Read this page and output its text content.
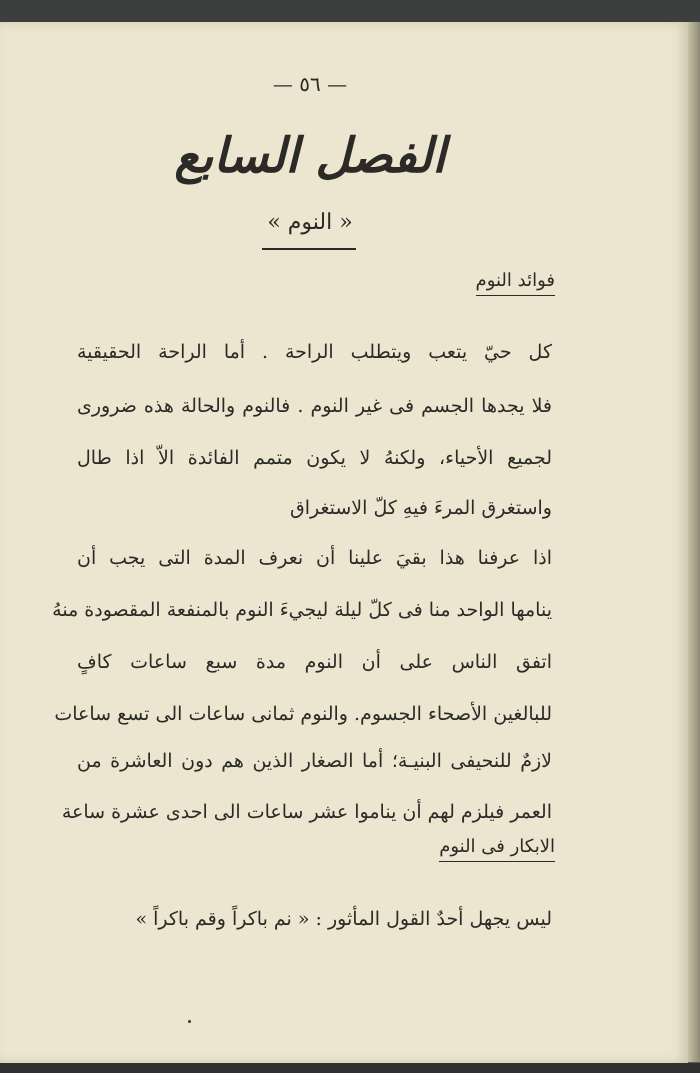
— ٥٦ —
الفصل السابع
« النوم »
فوائد النوم
كل حيّ يتعب ويتطلب الراحة . أما الراحة الحقيقية
فلا يجدها الجسم فى غير النوم . فالنوم والحالة هذه ضرورى
لجميع الأحياء، ولكنهُ لا يكون متمم الفائدة الاّ اذا طال
واستغرق المرءَ فيهِ كلّ الاستغراق
اذا عرفنا هذا بقيَ علينا أن نعرف المدة التى يجب أن
ينامها الواحد منا فى كلّ ليلة ليجيءَ النوم بالمنفعة المقصودة منهُ
اتفق الناس على أن النوم مدة سبع ساعات كافٍ
للبالغين الأصحاء الجسوم. والنوم ثمانى ساعات الى تسع ساعات
لازمٌ للنحيفى البنيـة؛ أما الصغار الذين هم دون العاشرة من
العمر فيلزم لهم أن يناموا عشر ساعات الى احدى عشرة ساعة
الابكار فى النوم
ليس يجهل أحدٌ القول المأثور : « نم باكراً وقم باكراً »
